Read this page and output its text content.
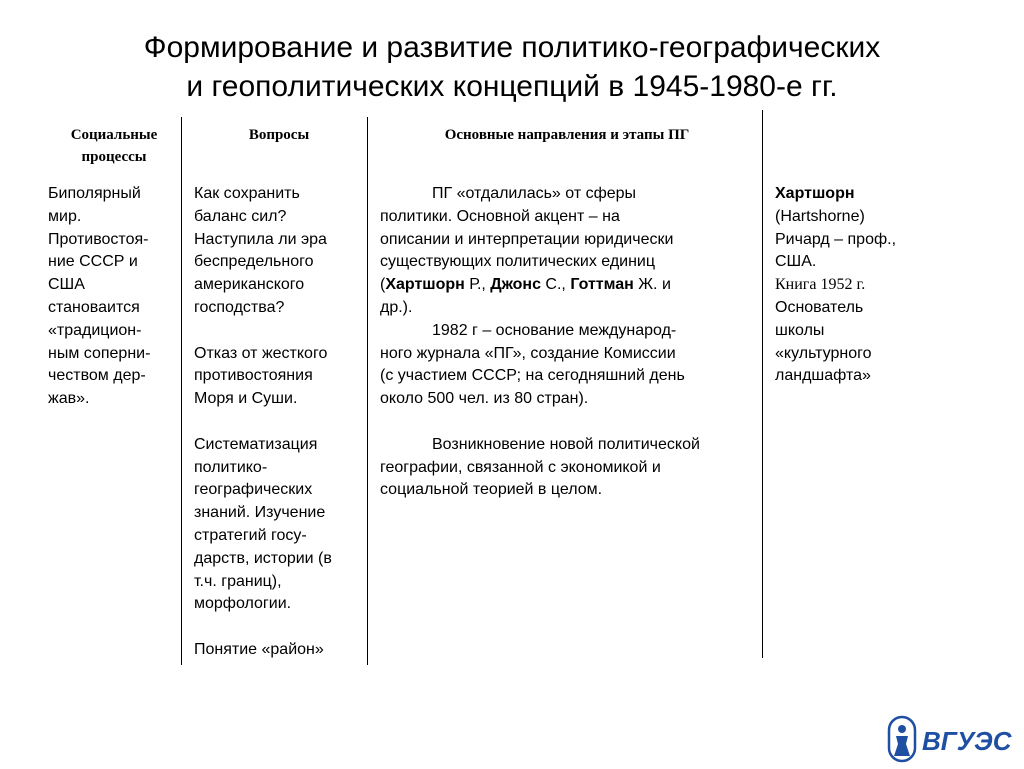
Формирование и развитие политико-географических
и геополитических концепций в 1945-1980-е гг.
Социальные
процессы
Вопросы	Основные направления и этапы ПГ

Биполярный

мир.

Противостоя-

ние СССР и

США

становаится

«традицион-

ным соперни-

чеством дер-

жав».

Как сохранить

баланс сил?

Наступила ли эра

беспредельного

американского

господства?

Отказ от жесткого

противостояния

Моря и Суши.

Систематизация

политико-

географических

знаний. Изучение

стратегий госу-

дарств, истории (в

т.ч. границ),

морфологии.

Понятие «район»

ПГ «отдалилась» от сферы

политики. Основной акцент – на

описании и интерпретации юридически

существующих политических единиц

(Хартшорн Р., Джонс С., Готтман Ж. и

др.).

1982 г – основание международ-

ного журнала «ПГ», создание Комиссии

(с участием СССР; на сегодняшний день

около 500 чел. из 80 стран).

Возникновение новой политической

географии, связанной с экономикой и

социальной теорией в целом.

Хартшорн

(Hartshorne)

Ричард – проф.,

США.

Книга 1952 г.

Основатель

школы

«культурного

ландшафта»

ВГУЭС
